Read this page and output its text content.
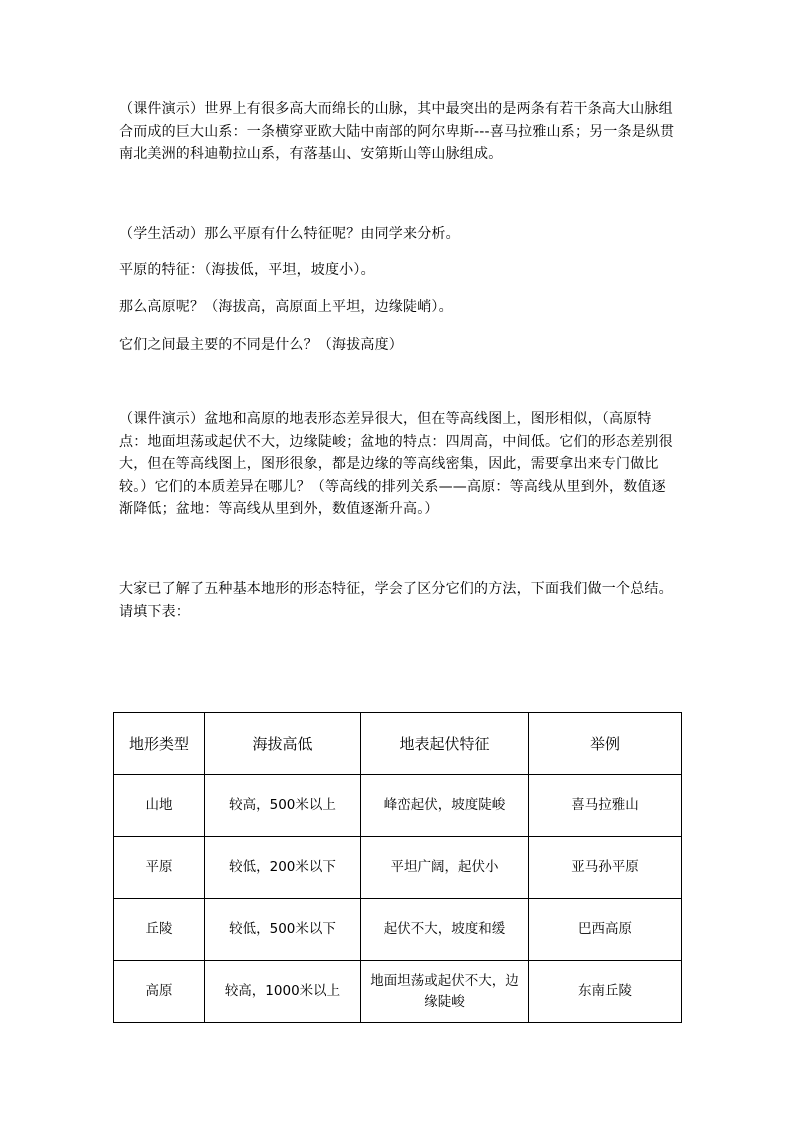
（课件演示）世界上有很多高大而绵长的山脉，其中最突出的是两条有若干条高大山脉组合而成的巨大山系：一条横穿亚欧大陆中南部的阿尔卑斯---喜马拉雅山系；另一条是纵贯南北美洲的科迪勒拉山系，有落基山、安第斯山等山脉组成。

（学生活动）那么平原有什么特征呢？由同学来分析。

平原的特征：（海拔低，平坦，坡度小）。

那么高原呢？（海拔高，高原面上平坦，边缘陡峭）。

它们之间最主要的不同是什么？（海拔高度）

（课件演示）盆地和高原的地表形态差异很大，但在等高线图上，图形相似，（高原特点：地面坦荡或起伏不大，边缘陡峻；盆地的特点：四周高，中间低。它们的形态差别很大，但在等高线图上，图形很象，都是边缘的等高线密集，因此，需要拿出来专门做比较。）它们的本质差异在哪儿？（等高线的排列关系——高原：等高线从里到外，数值逐渐降低；盆地：等高线从里到外，数值逐渐升高。）

大家已了解了五种基本地形的形态特征，学会了区分它们的方法，下面我们做一个总结。请填下表：

地形类型	海拔高低	地表起伏特征	举例
山地	较高，500米以上	峰峦起伏，坡度陡峻	喜马拉雅山
平原	较低，200米以下	平坦广阔，起伏小	亚马孙平原
丘陵	较低，500米以下	起伏不大，坡度和缓	巴西高原
高原	较高，1000米以上	地面坦荡或起伏不大，边缘陡峻	东南丘陵
